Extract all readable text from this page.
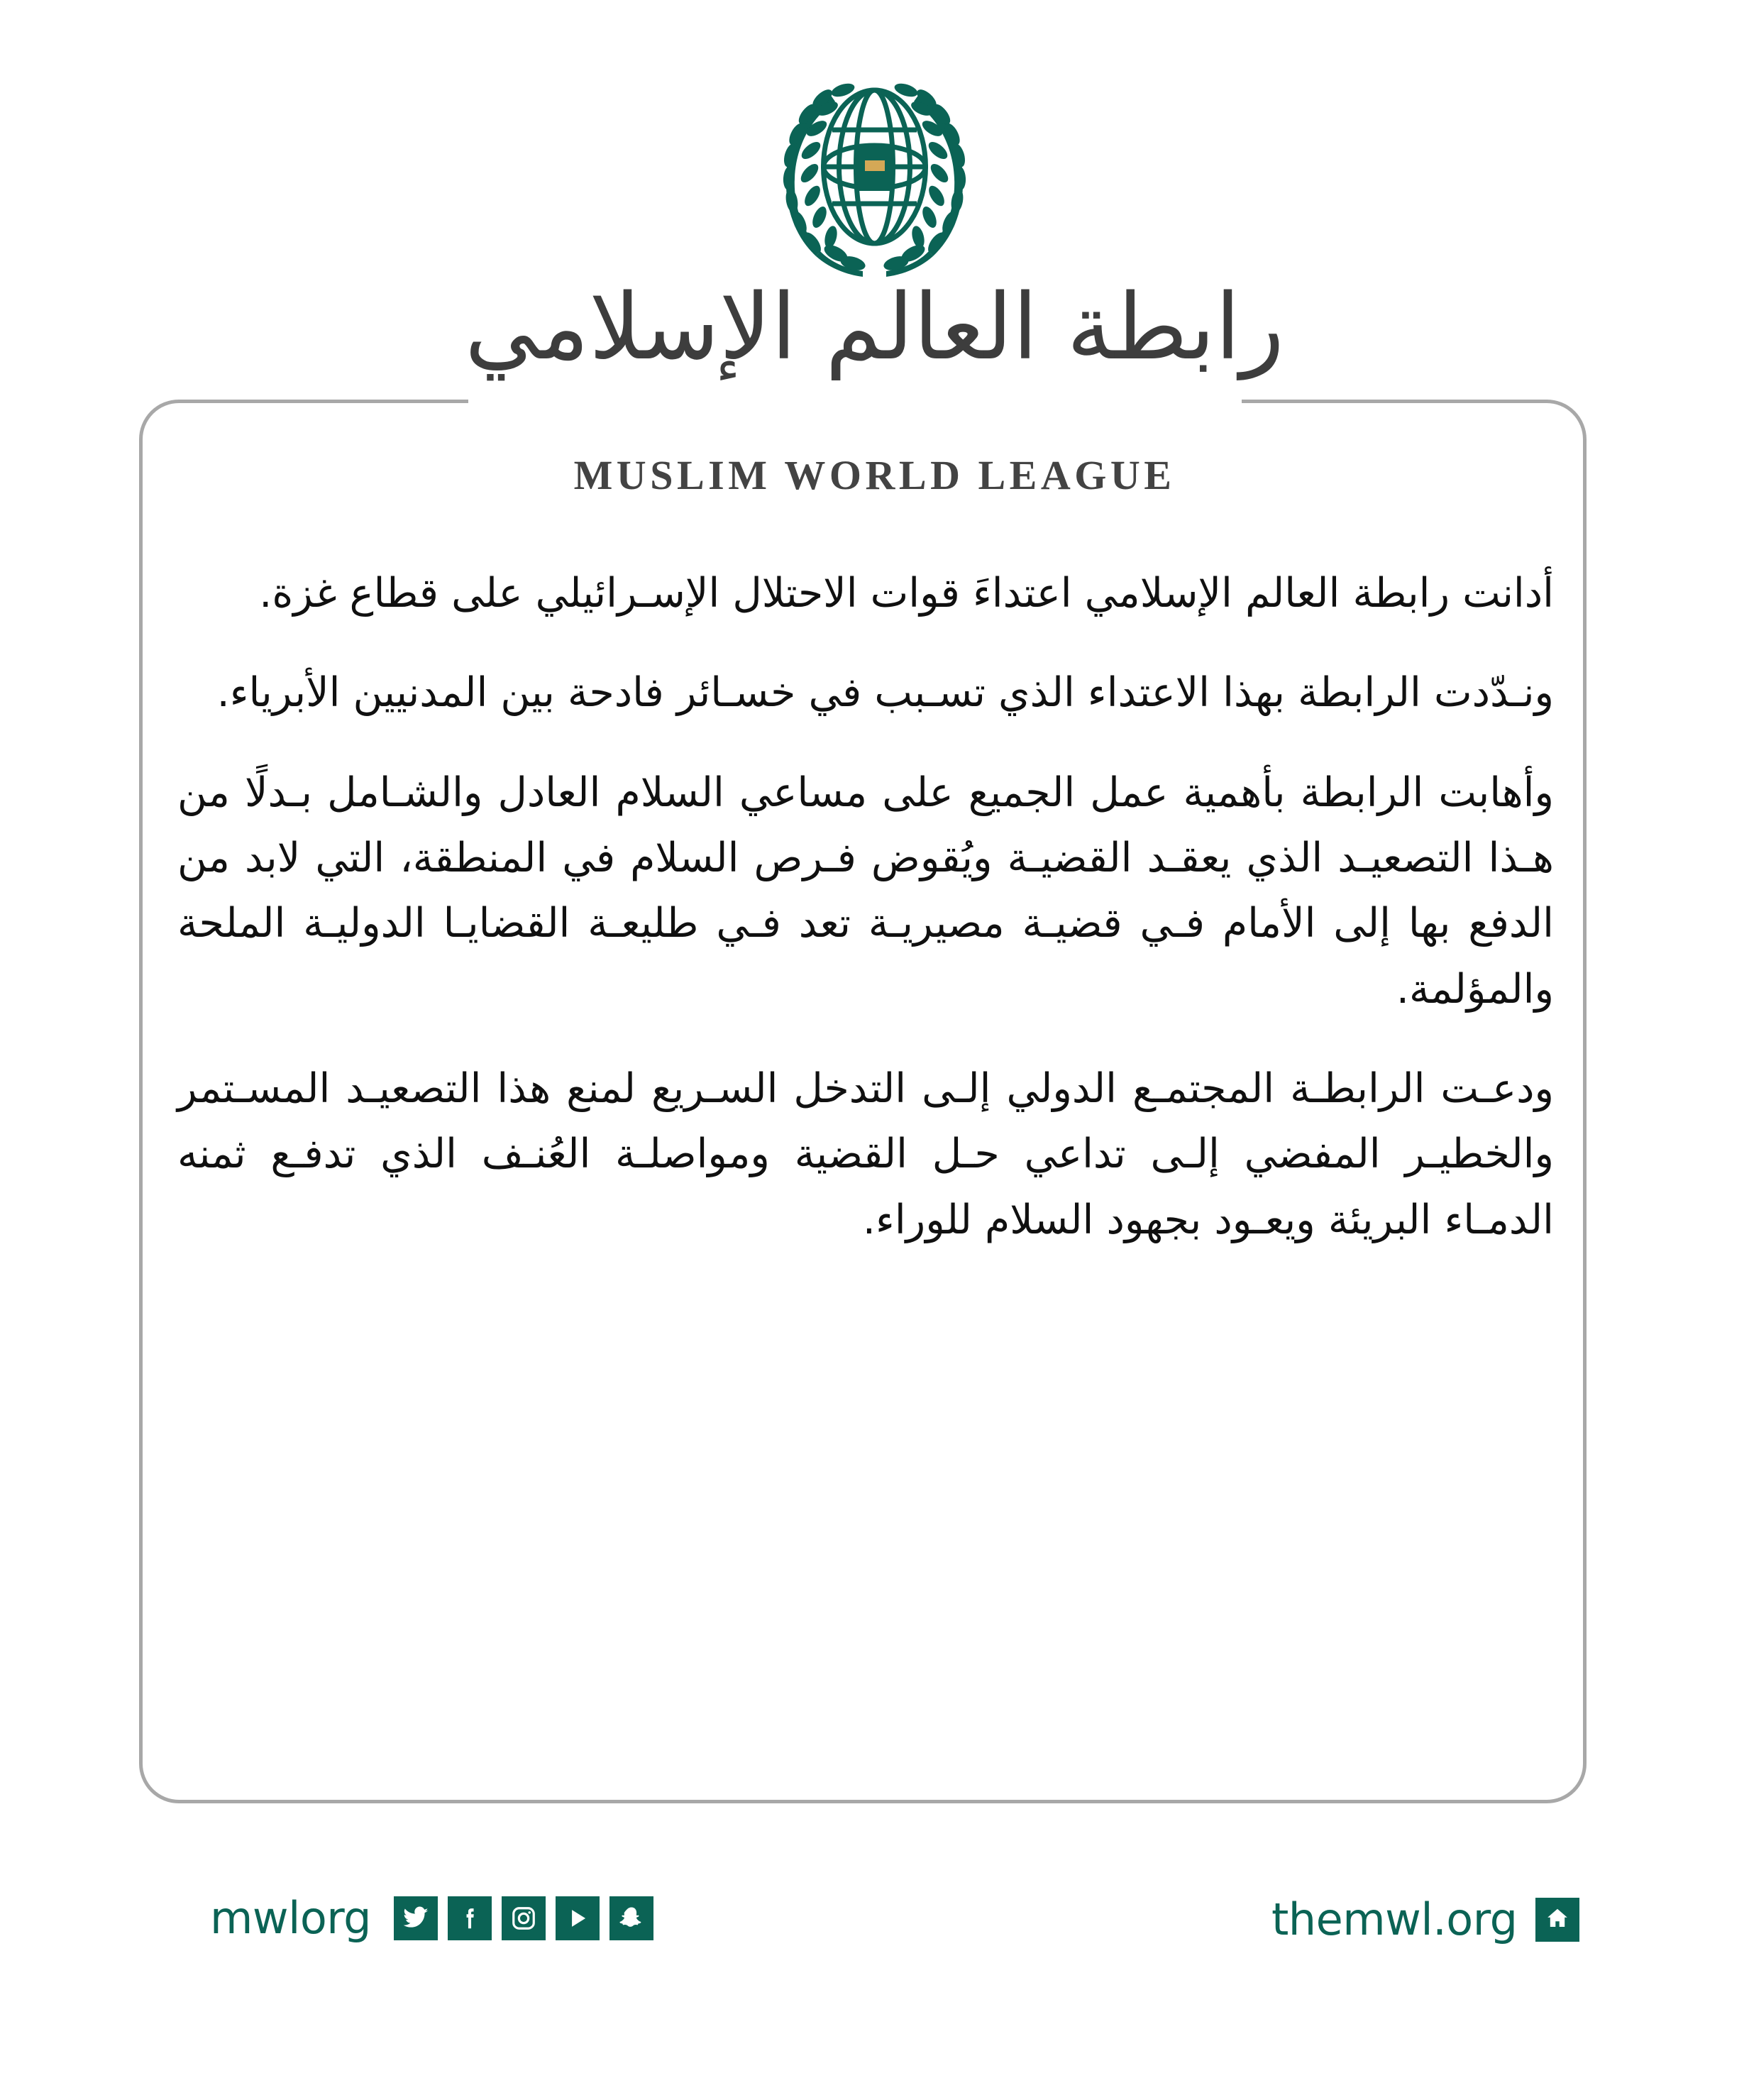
رابطة العالم الإسلامي
MUSLIM WORLD LEAGUE

أدانت رابطة العالم الإسلامي اعتداءَ قوات الاحتلال الإسـرائيلي على قطاع غزة.

ونـدّدت الرابطة بهذا الاعتداء الذي تسـبب في خسـائر فادحة بين المدنيين الأبرياء.

وأهابت الرابطة بأهمية عمل الجميع على مساعي السلام العادل والشـامل بـدلًا من هـذا التصعيـد الذي يعقـد القضيـة ويُقوض فـرص السلام في المنطقة، التي لابد من الدفع بها إلى الأمام فـي قضيـة مصيريـة تعد فـي طليعـة القضايـا الدوليـة الملحة والمؤلمة.

ودعـت الرابطـة المجتمـع الدولي إلـى التدخل السـريع لمنع هذا التصعيـد المسـتمر والخطيـر المفضي إلـى تداعي حـل القضية ومواصلـة العُنـف الذي تدفـع ثمنه الدمـاء البريئة ويعـود بجهود السلام للوراء.

mwlorg	themwl.org
